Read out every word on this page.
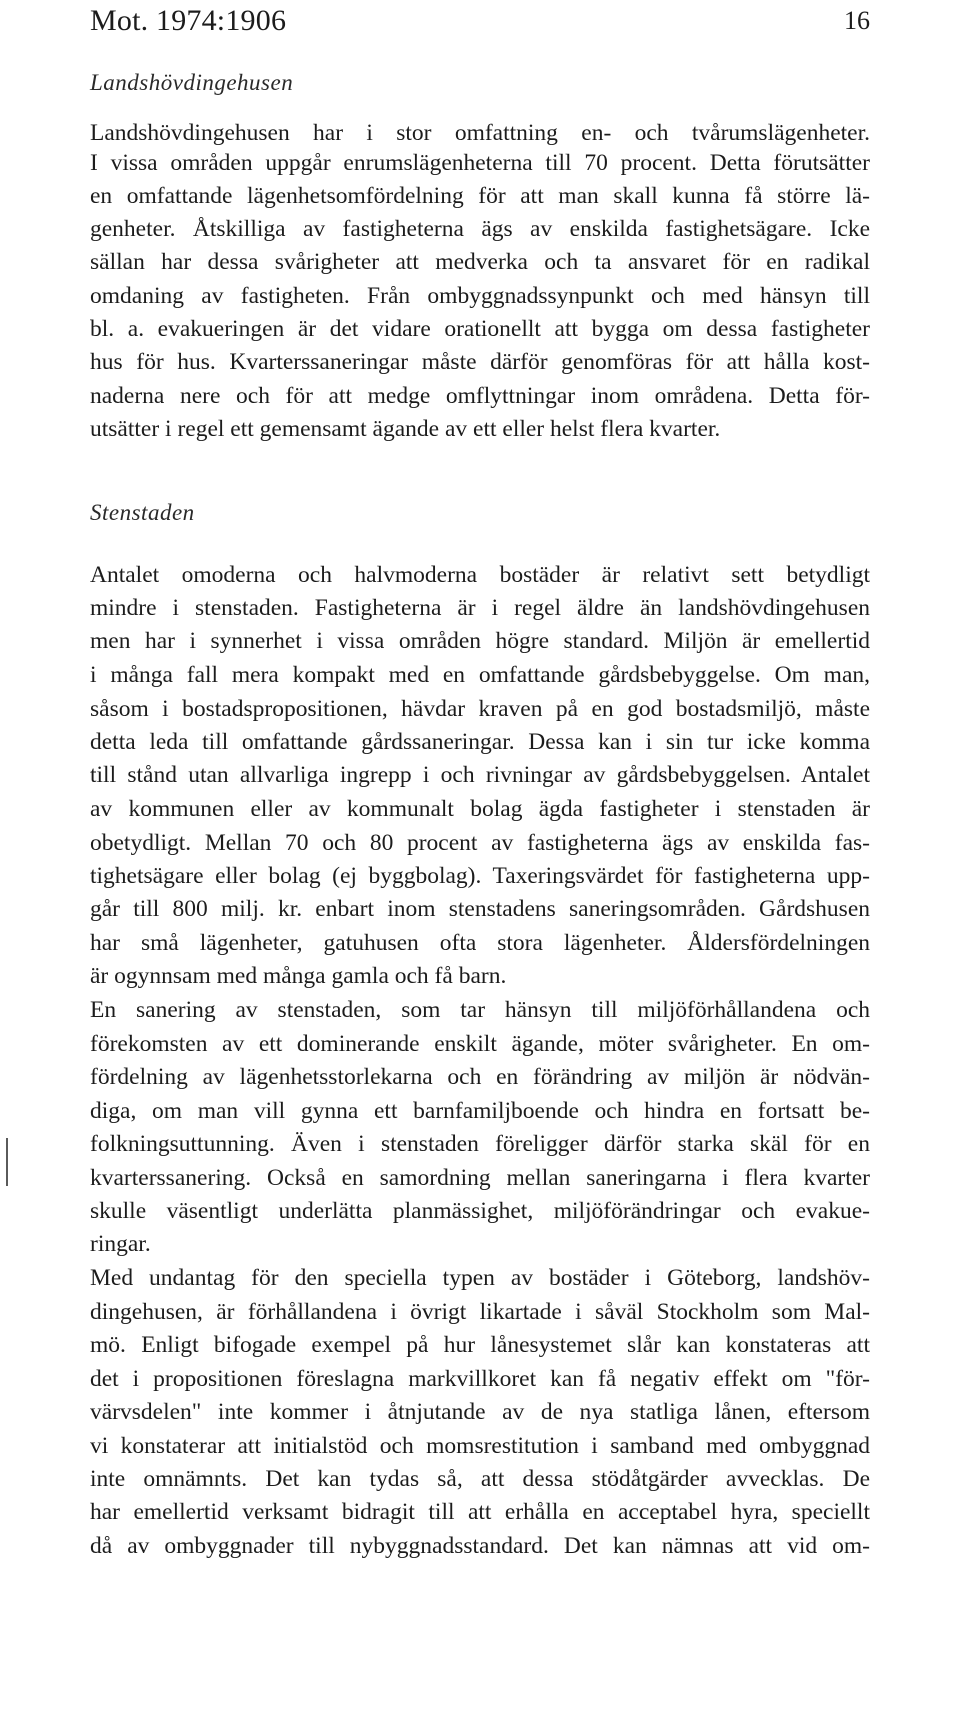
Mot. 1974:1906	16
Landshövdingehusen
Landshövdingehusen har i stor omfattning en- och tvårumslägenheter.
I vissa områden uppgår enrumslägenheterna till 70 procent. Detta förutsätter
en omfattande lägenhetsomfördelning för att man skall kunna få större lä-
genheter. Åtskilliga av fastigheterna ägs av enskilda fastighetsägare. Icke
sällan har dessa svårigheter att medverka och ta ansvaret för en radikal
omdaning av fastigheten. Från ombyggnadssynpunkt och med hänsyn till
bl. a. evakueringen är det vidare orationellt att bygga om dessa fastigheter
hus för hus. Kvarterssaneringar måste därför genomföras för att hålla kost-
naderna nere och för att medge omflyttningar inom områdena. Detta för-
utsätter i regel ett gemensamt ägande av ett eller helst flera kvarter.
Stenstaden
Antalet omoderna och halvmoderna bostäder är relativt sett betydligt
mindre i stenstaden. Fastigheterna är i regel äldre än landshövdingehusen
men har i synnerhet i vissa områden högre standard. Miljön är emellertid
i många fall mera kompakt med en omfattande gårdsbebyggelse. Om man,
såsom i bostadspropositionen, hävdar kraven på en god bostadsmiljö, måste
detta leda till omfattande gårdssaneringar. Dessa kan i sin tur icke komma
till stånd utan allvarliga ingrepp i och rivningar av gårdsbebyggelsen. Antalet
av kommunen eller av kommunalt bolag ägda fastigheter i stenstaden är
obetydligt. Mellan 70 och 80 procent av fastigheterna ägs av enskilda fas-
tighetsägare eller bolag (ej byggbolag). Taxeringsvärdet för fastigheterna upp-
går till 800 milj. kr. enbart inom stenstadens saneringsområden. Gårdshusen
har små lägenheter, gatuhusen ofta stora lägenheter. Åldersfördelningen
är ogynnsam med många gamla och få barn.
En sanering av stenstaden, som tar hänsyn till miljöförhållandena och
förekomsten av ett dominerande enskilt ägande, möter svårigheter. En om-
fördelning av lägenhetsstorlekarna och en förändring av miljön är nödvän-
diga, om man vill gynna ett barnfamiljboende och hindra en fortsatt be-
folkningsuttunning. Även i stenstaden föreligger därför starka skäl för en
kvarterssanering. Också en samordning mellan saneringarna i flera kvarter
skulle väsentligt underlätta planmässighet, miljöförändringar och evakue-
ringar.
Med undantag för den speciella typen av bostäder i Göteborg, landshöv-
dingehusen, är förhållandena i övrigt likartade i såväl Stockholm som Mal-
mö. Enligt bifogade exempel på hur lånesystemet slår kan konstateras att
det i propositionen föreslagna markvillkoret kan få negativ effekt om "för-
värvsdelen" inte kommer i åtnjutande av de nya statliga lånen, eftersom
vi konstaterar att initialstöd och momsrestitution i samband med ombyggnad
inte omnämnts. Det kan tydas så, att dessa stödåtgärder avvecklas. De
har emellertid verksamt bidragit till att erhålla en acceptabel hyra, speciellt
då av ombyggnader till nybyggnadsstandard. Det kan nämnas att vid om-
